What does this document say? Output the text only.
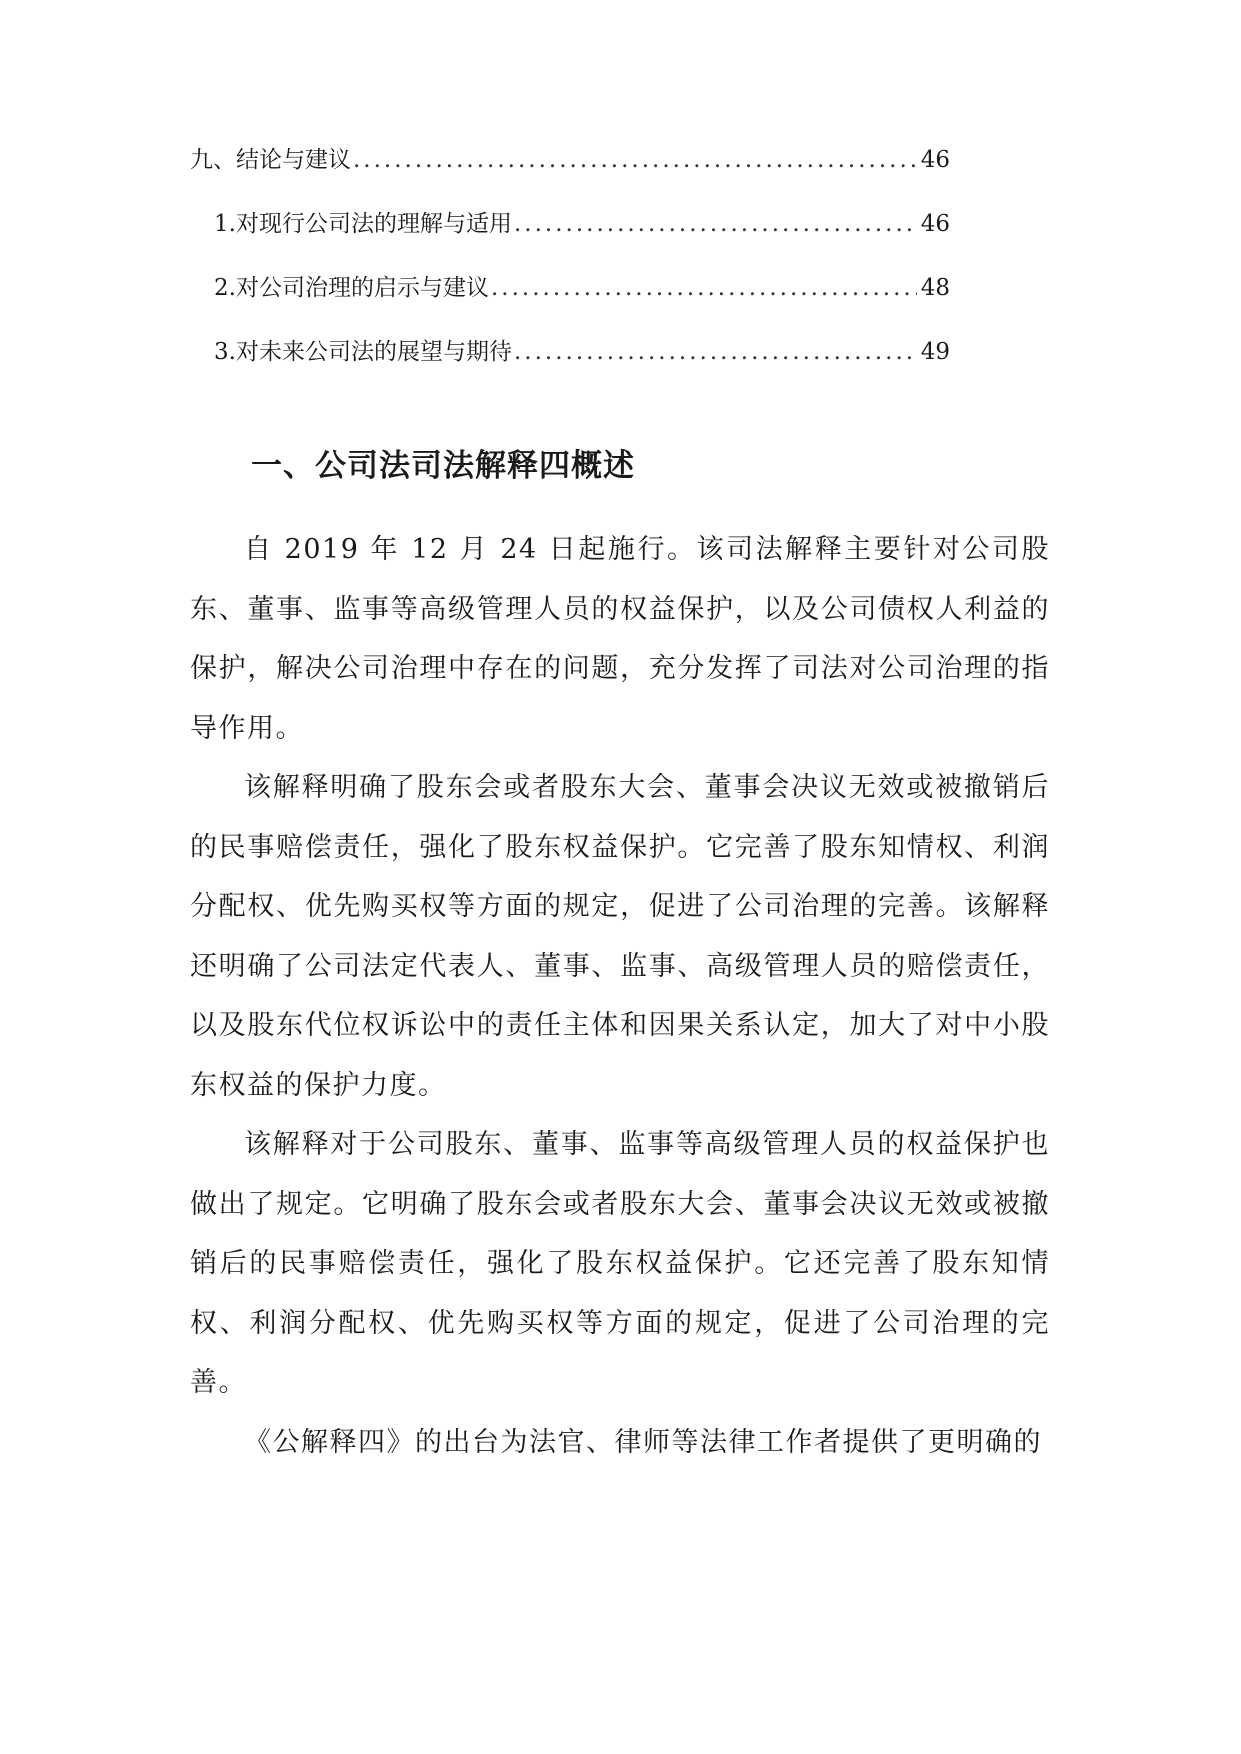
九、结论与建议 .....	46
1. 对现行公司法的理解与适用 .....	46
2. 对公司治理的启示与建议 .....	48
3. 对未来公司法的展望与期待 .....	49
一、公司法司法解释四概述

自 2019 年 12 月 24 日起施行。该司法解释主要针对公司股东、董事、监事等高级管理人员的权益保护，以及公司债权人利益的保护，解决公司治理中存在的问题，充分发挥了司法对公司治理的指导作用。

该解释明确了股东会或者股东大会、董事会决议无效或被撤销后的民事赔偿责任，强化了股东权益保护。它完善了股东知情权、利润分配权、优先购买权等方面的规定，促进了公司治理的完善。该解释还明确了公司法定代表人、董事、监事、高级管理人员的赔偿责任，以及股东代位权诉讼中的责任主体和因果关系认定，加大了对中小股东权益的保护力度。

该解释对于公司股东、董事、监事等高级管理人员的权益保护也做出了规定。它明确了股东会或者股东大会、董事会决议无效或被撤销后的民事赔偿责任，强化了股东权益保护。它还完善了股东知情权、利润分配权、优先购买权等方面的规定，促进了公司治理的完善。

《公解释四》的出台为法官、律师等法律工作者提供了更明确的
